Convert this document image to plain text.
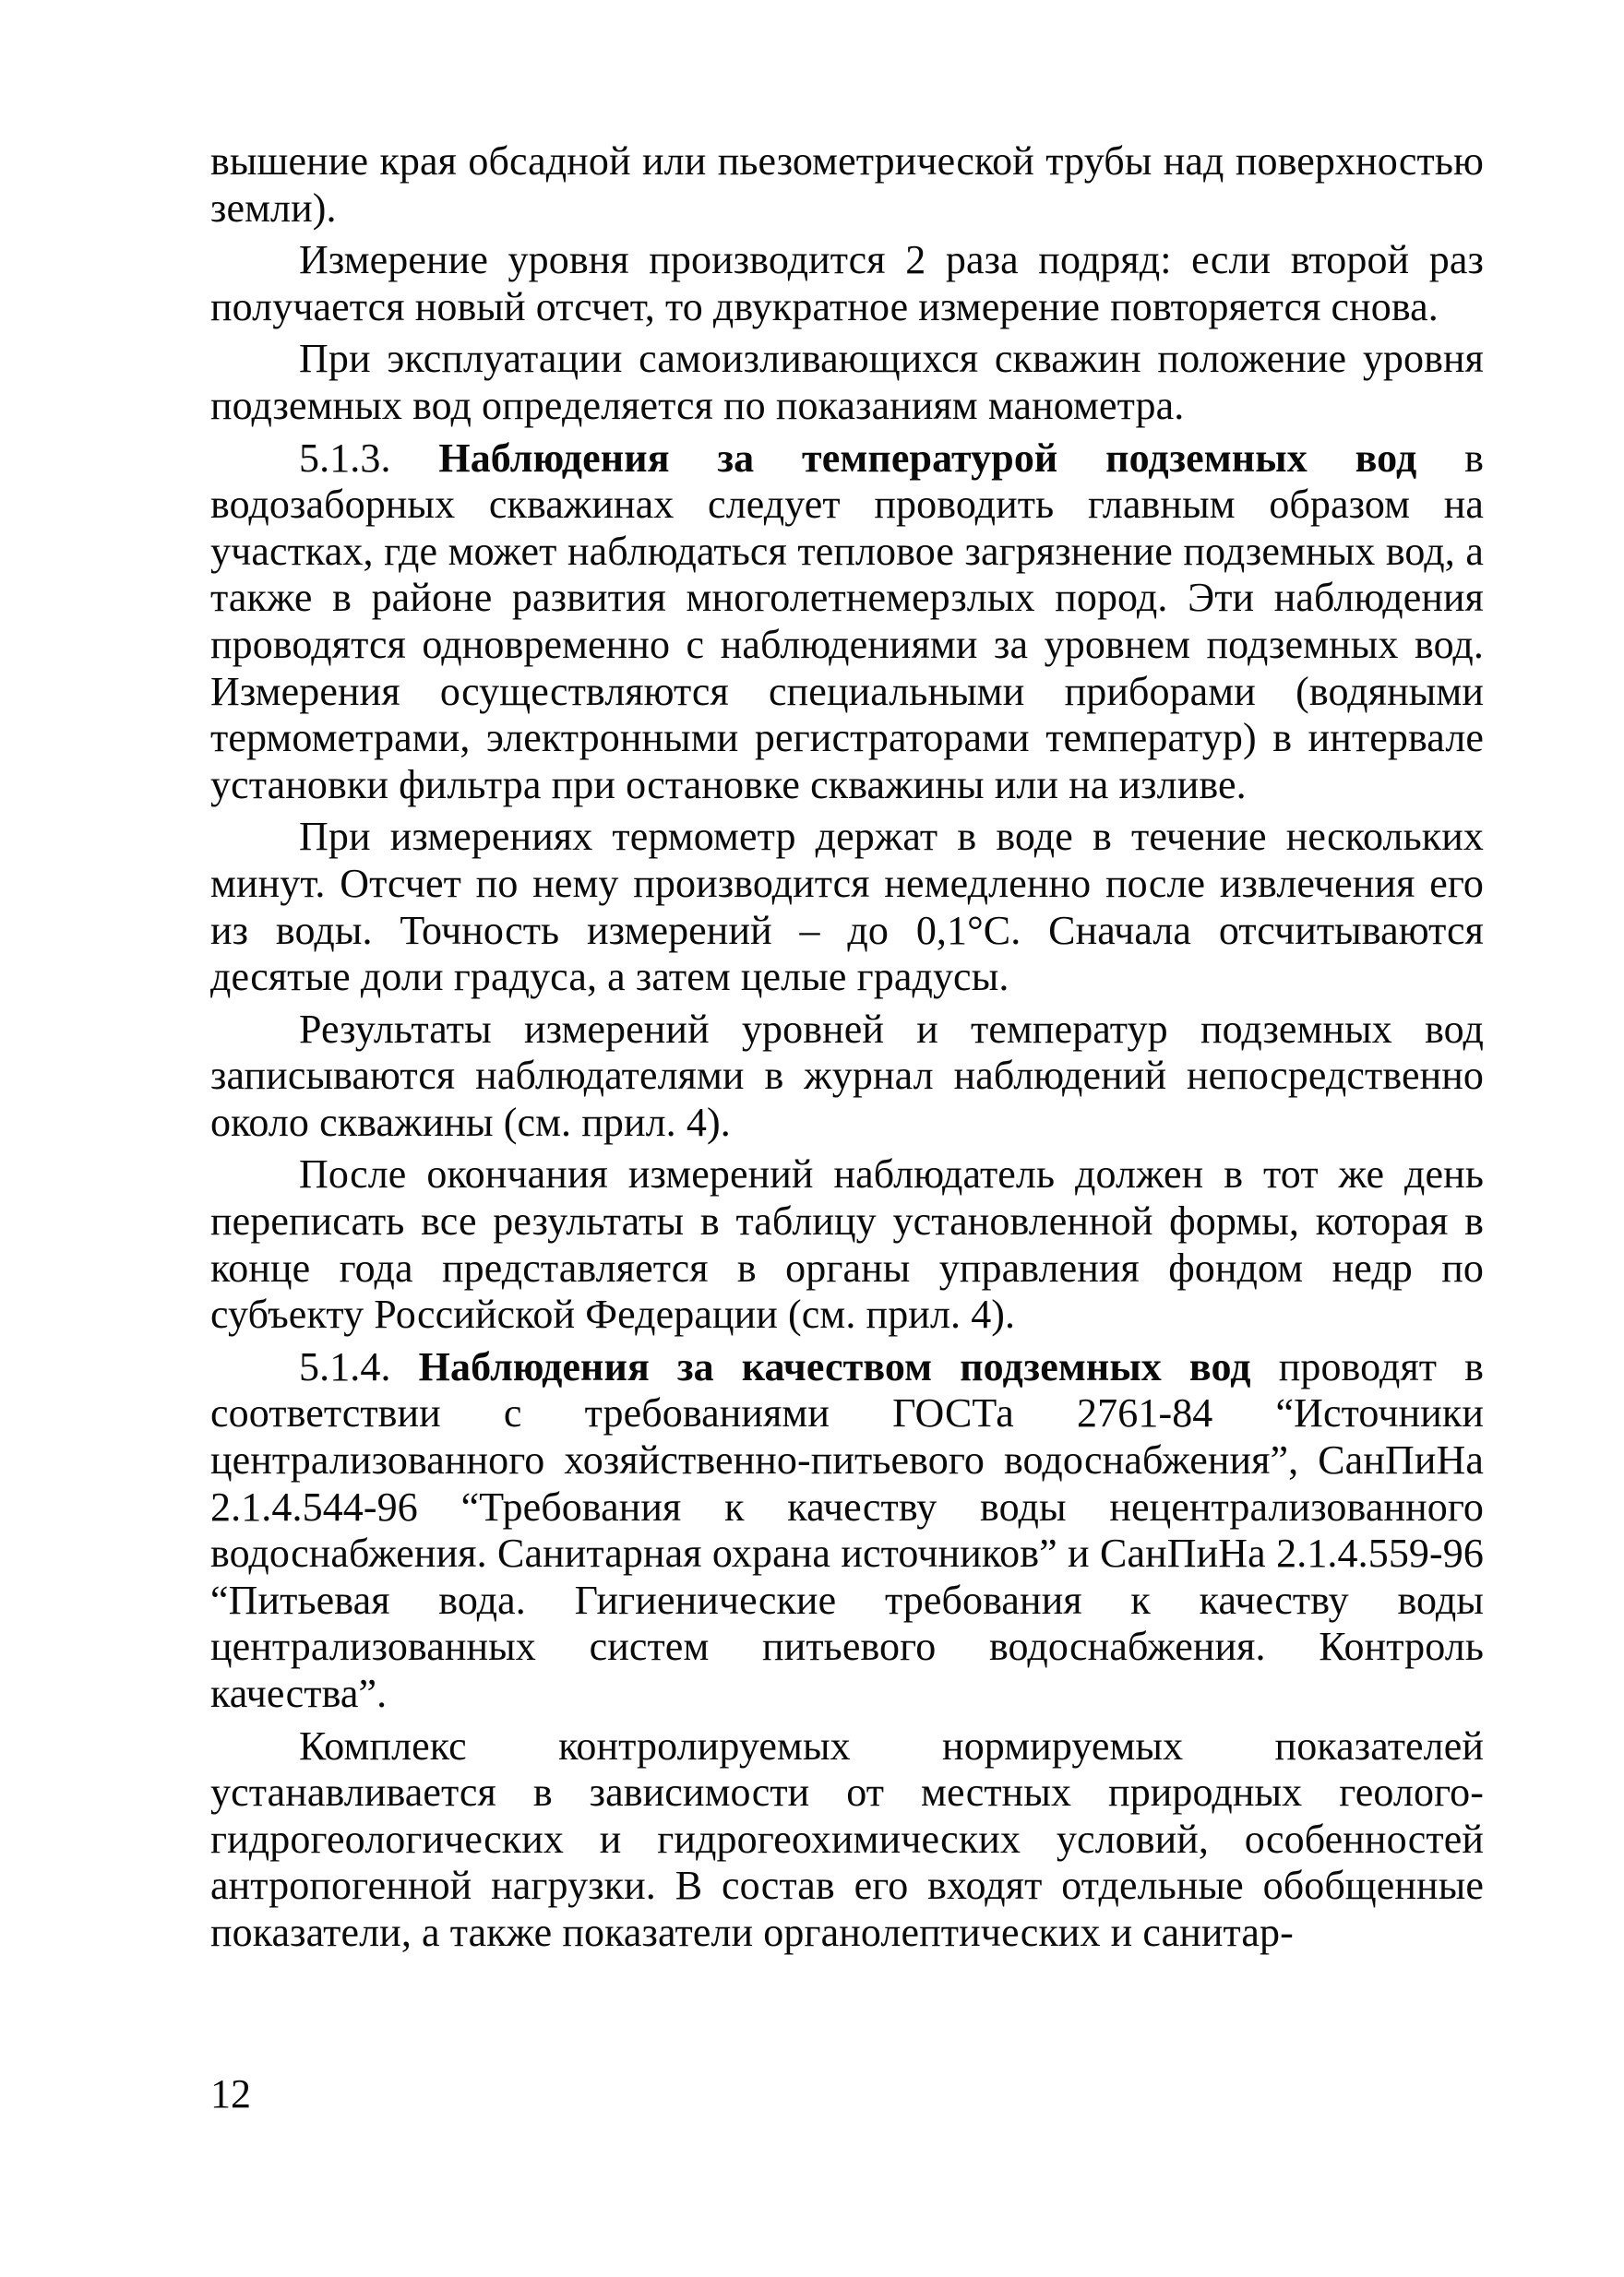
вышение края обсадной или пьезометрической трубы над поверхностью земли).

Измерение уровня производится 2 раза подряд: если второй раз получается новый отсчет, то двукратное измерение повторяется снова.

При эксплуатации самоизливающихся скважин положение уровня подземных вод определяется по показаниям манометра.

5.1.3. Наблюдения за температурой подземных вод в водозаборных скважинах следует проводить главным образом на участках, где может наблюдаться тепловое загрязнение подземных вод, а также в районе развития многолетнемерзлых пород. Эти наблюдения проводятся одновременно с наблюдениями за уровнем подземных вод. Измерения осуществляются специальными приборами (водяными термометрами, электронными регистраторами температур) в интервале установки фильтра при остановке скважины или на изливе.

При измерениях термометр держат в воде в течение нескольких минут. Отсчет по нему производится немедленно после извлечения его из воды. Точность измерений – до 0,1°С. Сначала отсчитываются десятые доли градуса, а затем целые градусы.

Результаты измерений уровней и температур подземных вод записываются наблюдателями в журнал наблюдений непосредственно около скважины (см. прил. 4).

После окончания измерений наблюдатель должен в тот же день переписать все результаты в таблицу установленной формы, которая в конце года представляется в органы управления фондом недр по субъекту Российской Федерации (см. прил. 4).

5.1.4. Наблюдения за качеством подземных вод проводят в соответствии с требованиями ГОСТа 2761-84 “Источники централизованного хозяйственно-питьевого водоснабжения”, СанПиНа 2.1.4.544-96 “Требования к качеству воды нецентрализованного водоснабжения. Санитарная охрана источников” и СанПиНа 2.1.4.559-96 “Питьевая вода. Гигиенические требования к качеству воды централизованных систем питьевого водоснабжения. Контроль качества”.

Комплекс контролируемых нормируемых показателей устанавливается в зависимости от местных природных геолого-гидрогеологических и гидрогеохимических условий, особенностей антропогенной нагрузки. В состав его входят отдельные обобщенные показатели, а также показатели органолептических и санитар-

12
